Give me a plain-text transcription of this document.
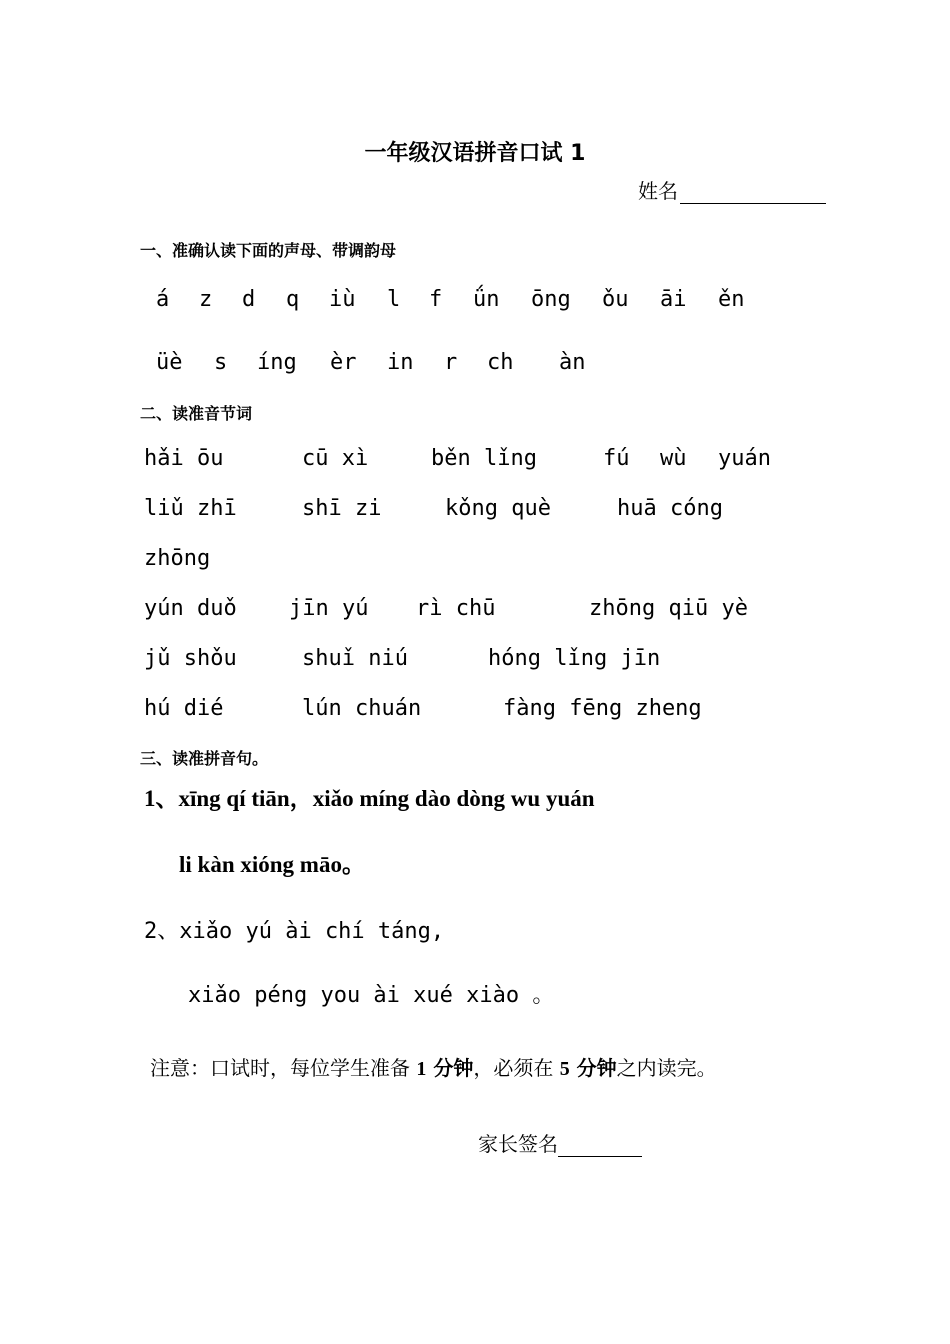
一年级汉语拼音口试 1
姓名
一、准确认读下面的声母、带调韵母
á z d q iù l f ǘn ōng ǒu āi ěn
üè s íng èr in r ch àn
二、读准音节词
hǎi ōu	cū xì	běn lǐng	fú wù yuán
liǔ zhī	shī zi	kǒng què	huā cóng
zhōng
yún duǒ jīn yú rì chū	zhōng qiū yè
jǔ shǒu	shuǐ niú	hóng lǐng jīn
hú dié	lún chuán	fàng fēng zheng
三、读准拼音句。
1、xīng qí tiān，xiǎo míng dào dòng wu yuán
li kàn xióng māo。
2、xiǎo yú ài chí táng,
xiǎo péng you ài xué xiào 。
注意：口试时，每位学生准备 1 分钟，必须在 5 分钟之内读完。
家长签名
